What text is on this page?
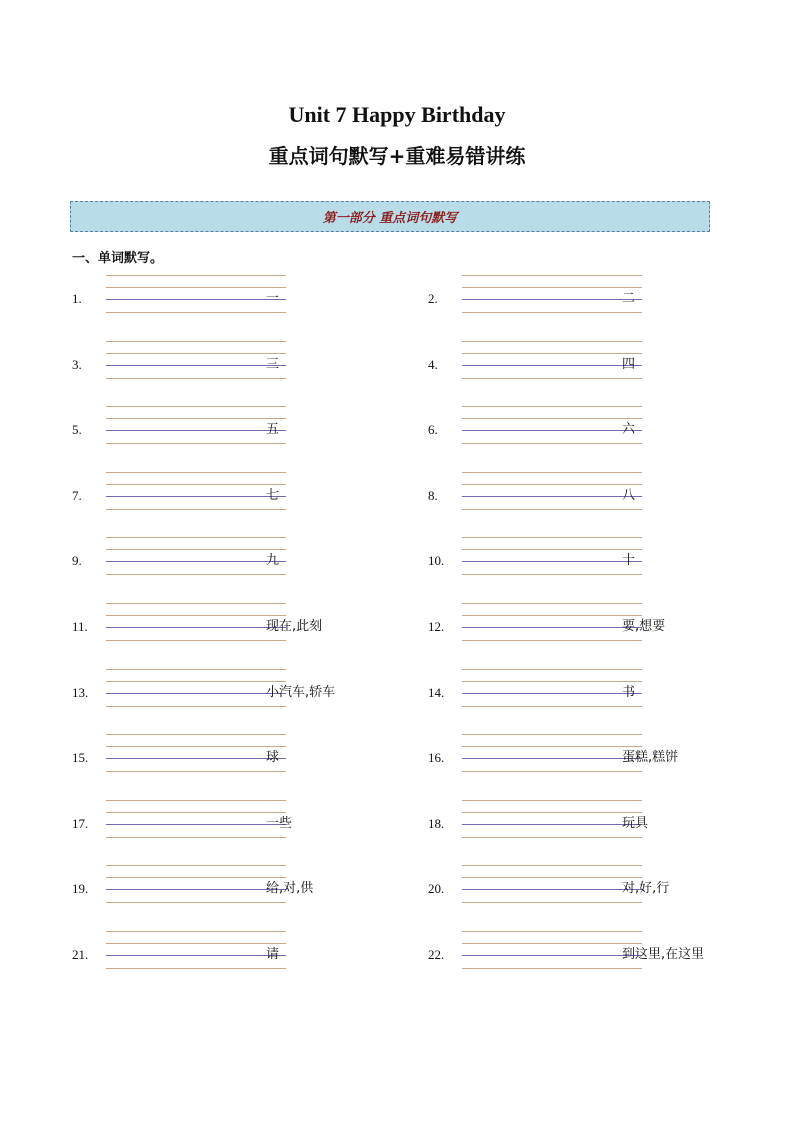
Unit 7 Happy Birthday
重点词句默写+重难易错讲练
第一部分 重点词句默写
一、单词默写。
1.	一	2.	二
3.	三	4.	四
5.	五	6.	六
7.	七	8.	八
9.	九	10.	十
11.	现在,此刻	12.	要,想要
13.	小汽车,轿车	14.	书
15.	球	16.	蛋糕,糕饼
17.	一些	18.	玩具
19.	给,对,供	20.	对,好,行
21.	请	22.	到这里,在这里
